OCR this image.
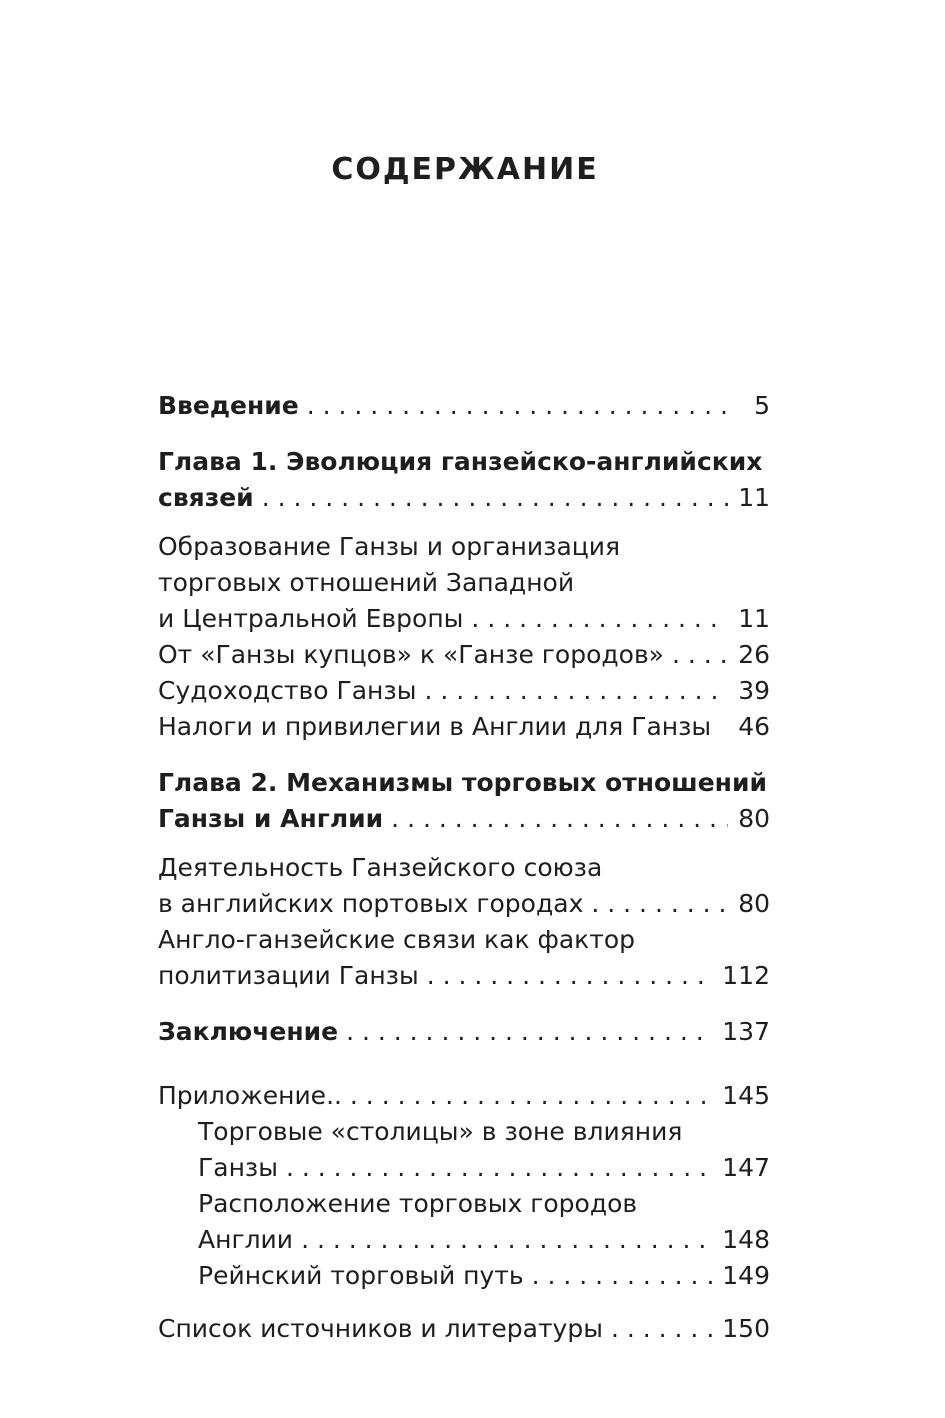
СОДЕРЖАНИЕ
Введение . . .	5
Глава 1. Эволюция ганзейско-английских
связей . . .	11
Образование Ганзы и организация
торговых отношений Западной
и Центральной Европы . . .	11
От «Ганзы купцов» к «Ганзе городов» . . .	26
Судоходство Ганзы . . .	39
Налоги и привилегии в Англии для Ганзы 46
Глава 2. Механизмы торговых отношений
Ганзы и Англии . . .	80
Деятельность Ганзейского союза
в английских портовых городах . . .	80
Англо-ганзейские связи как фактор
политизации Ганзы . . .	112
Заключение . . .	137
Приложение. . . .	145
Торговые «столицы» в зоне влияния
Ганзы . . .	147
Расположение торговых городов
Англии . . .	148
Рейнский торговый путь . . .	149
Список источников и литературы . . .	150
